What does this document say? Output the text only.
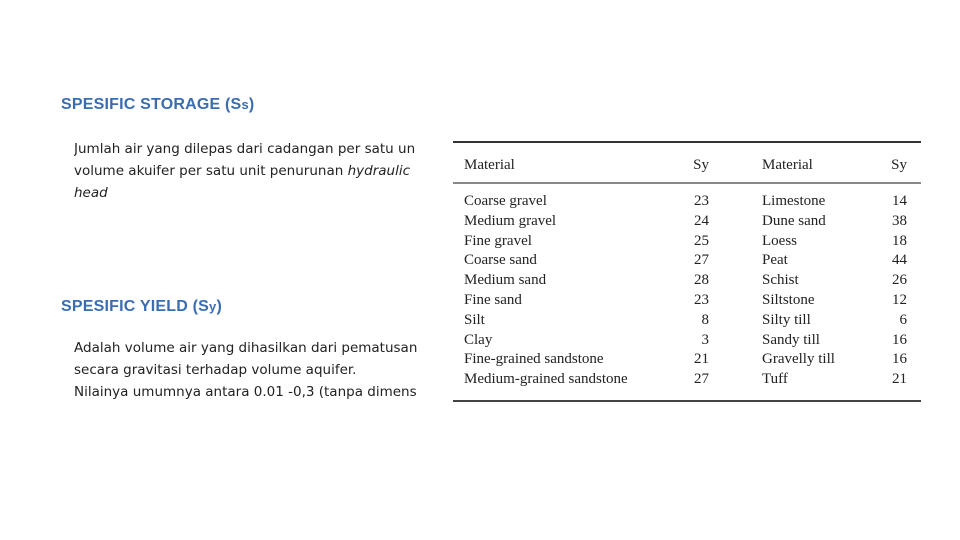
SPESIFIC STORAGE (Ss)
Jumlah air yang dilepas dari cadangan per satu un
volume akuifer per satu unit penurunan hydraulic
head
SPESIFIC YIELD (Sy)
Adalah volume air yang dihasilkan dari pematusan
secara gravitasi terhadap volume aquifer.
Nilainya umumnya antara 0.01 -0,3 (tanpa dimens
Material	Sy	Material	Sy

Coarse gravel	23	Limestone	14
Medium gravel	24	Dune sand	38
Fine gravel	25	Loess	18
Coarse sand	27	Peat	44
Medium sand	28	Schist	26
Fine sand	23	Siltstone	12
Silt	8	Silty till	6
Clay	3	Sandy till	16
Fine-grained sandstone	21	Gravelly till	16
Medium-grained sandstone	27	Tuff	21
